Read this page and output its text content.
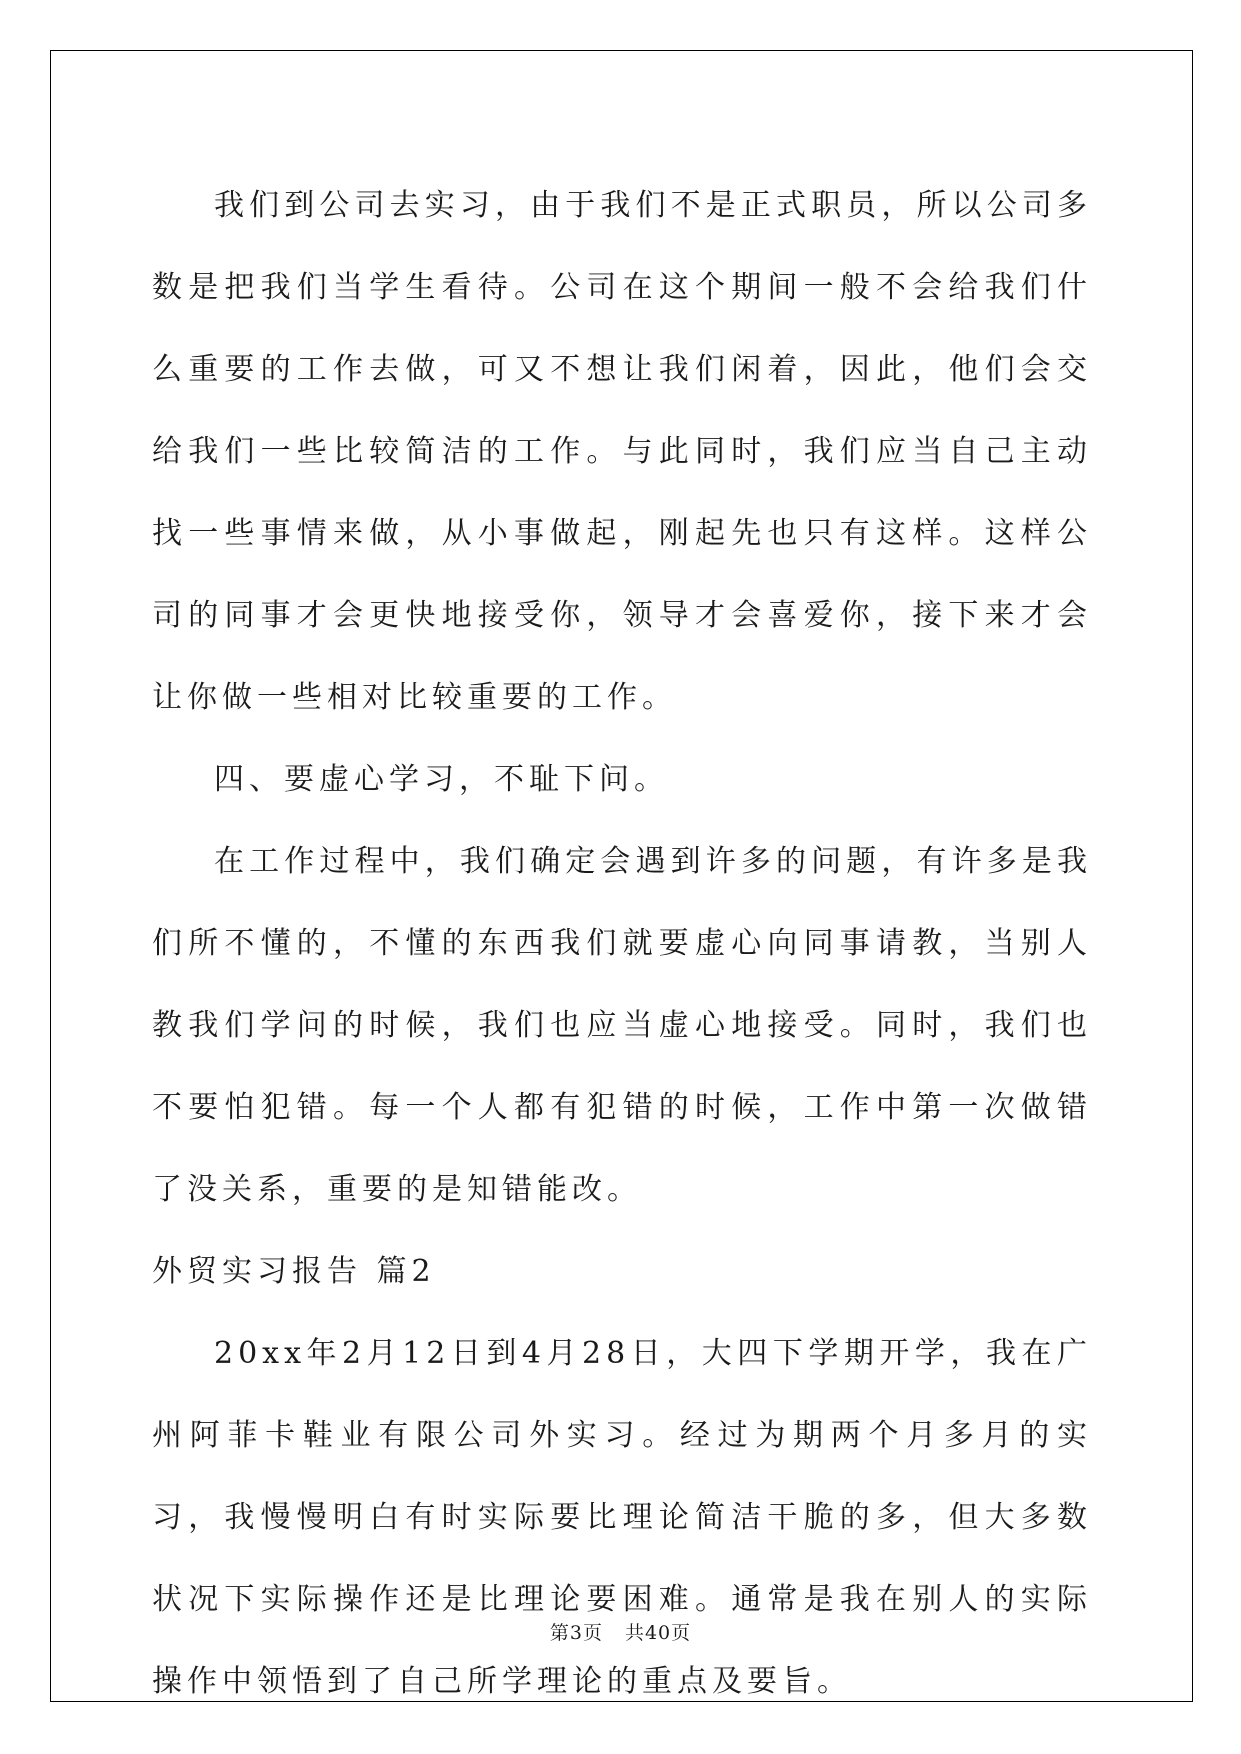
我们到公司去实习，由于我们不是正式职员，所以公司多数是把我们当学生看待。公司在这个期间一般不会给我们什么重要的工作去做，可又不想让我们闲着，因此，他们会交给我们一些比较简洁的工作。与此同时，我们应当自己主动找一些事情来做，从小事做起，刚起先也只有这样。这样公司的同事才会更快地接受你，领导才会喜爱你，接下来才会让你做一些相对比较重要的工作。

四、要虚心学习，不耻下问。

在工作过程中，我们确定会遇到许多的问题，有许多是我们所不懂的，不懂的东西我们就要虚心向同事请教，当别人教我们学问的时候，我们也应当虚心地接受。同时，我们也不要怕犯错。每一个人都有犯错的时候，工作中第一次做错了没关系，重要的是知错能改。

外贸实习报告 篇2

20xx年2月12日到4月28日，大四下学期开学，我在广州阿菲卡鞋业有限公司外实习。经过为期两个月多月的实习，我慢慢明白有时实际要比理论简洁干脆的多，但大多数状况下实际操作还是比理论要困难。通常是我在别人的实际操作中领悟到了自己所学理论的重点及要旨。

第3页 共40页
